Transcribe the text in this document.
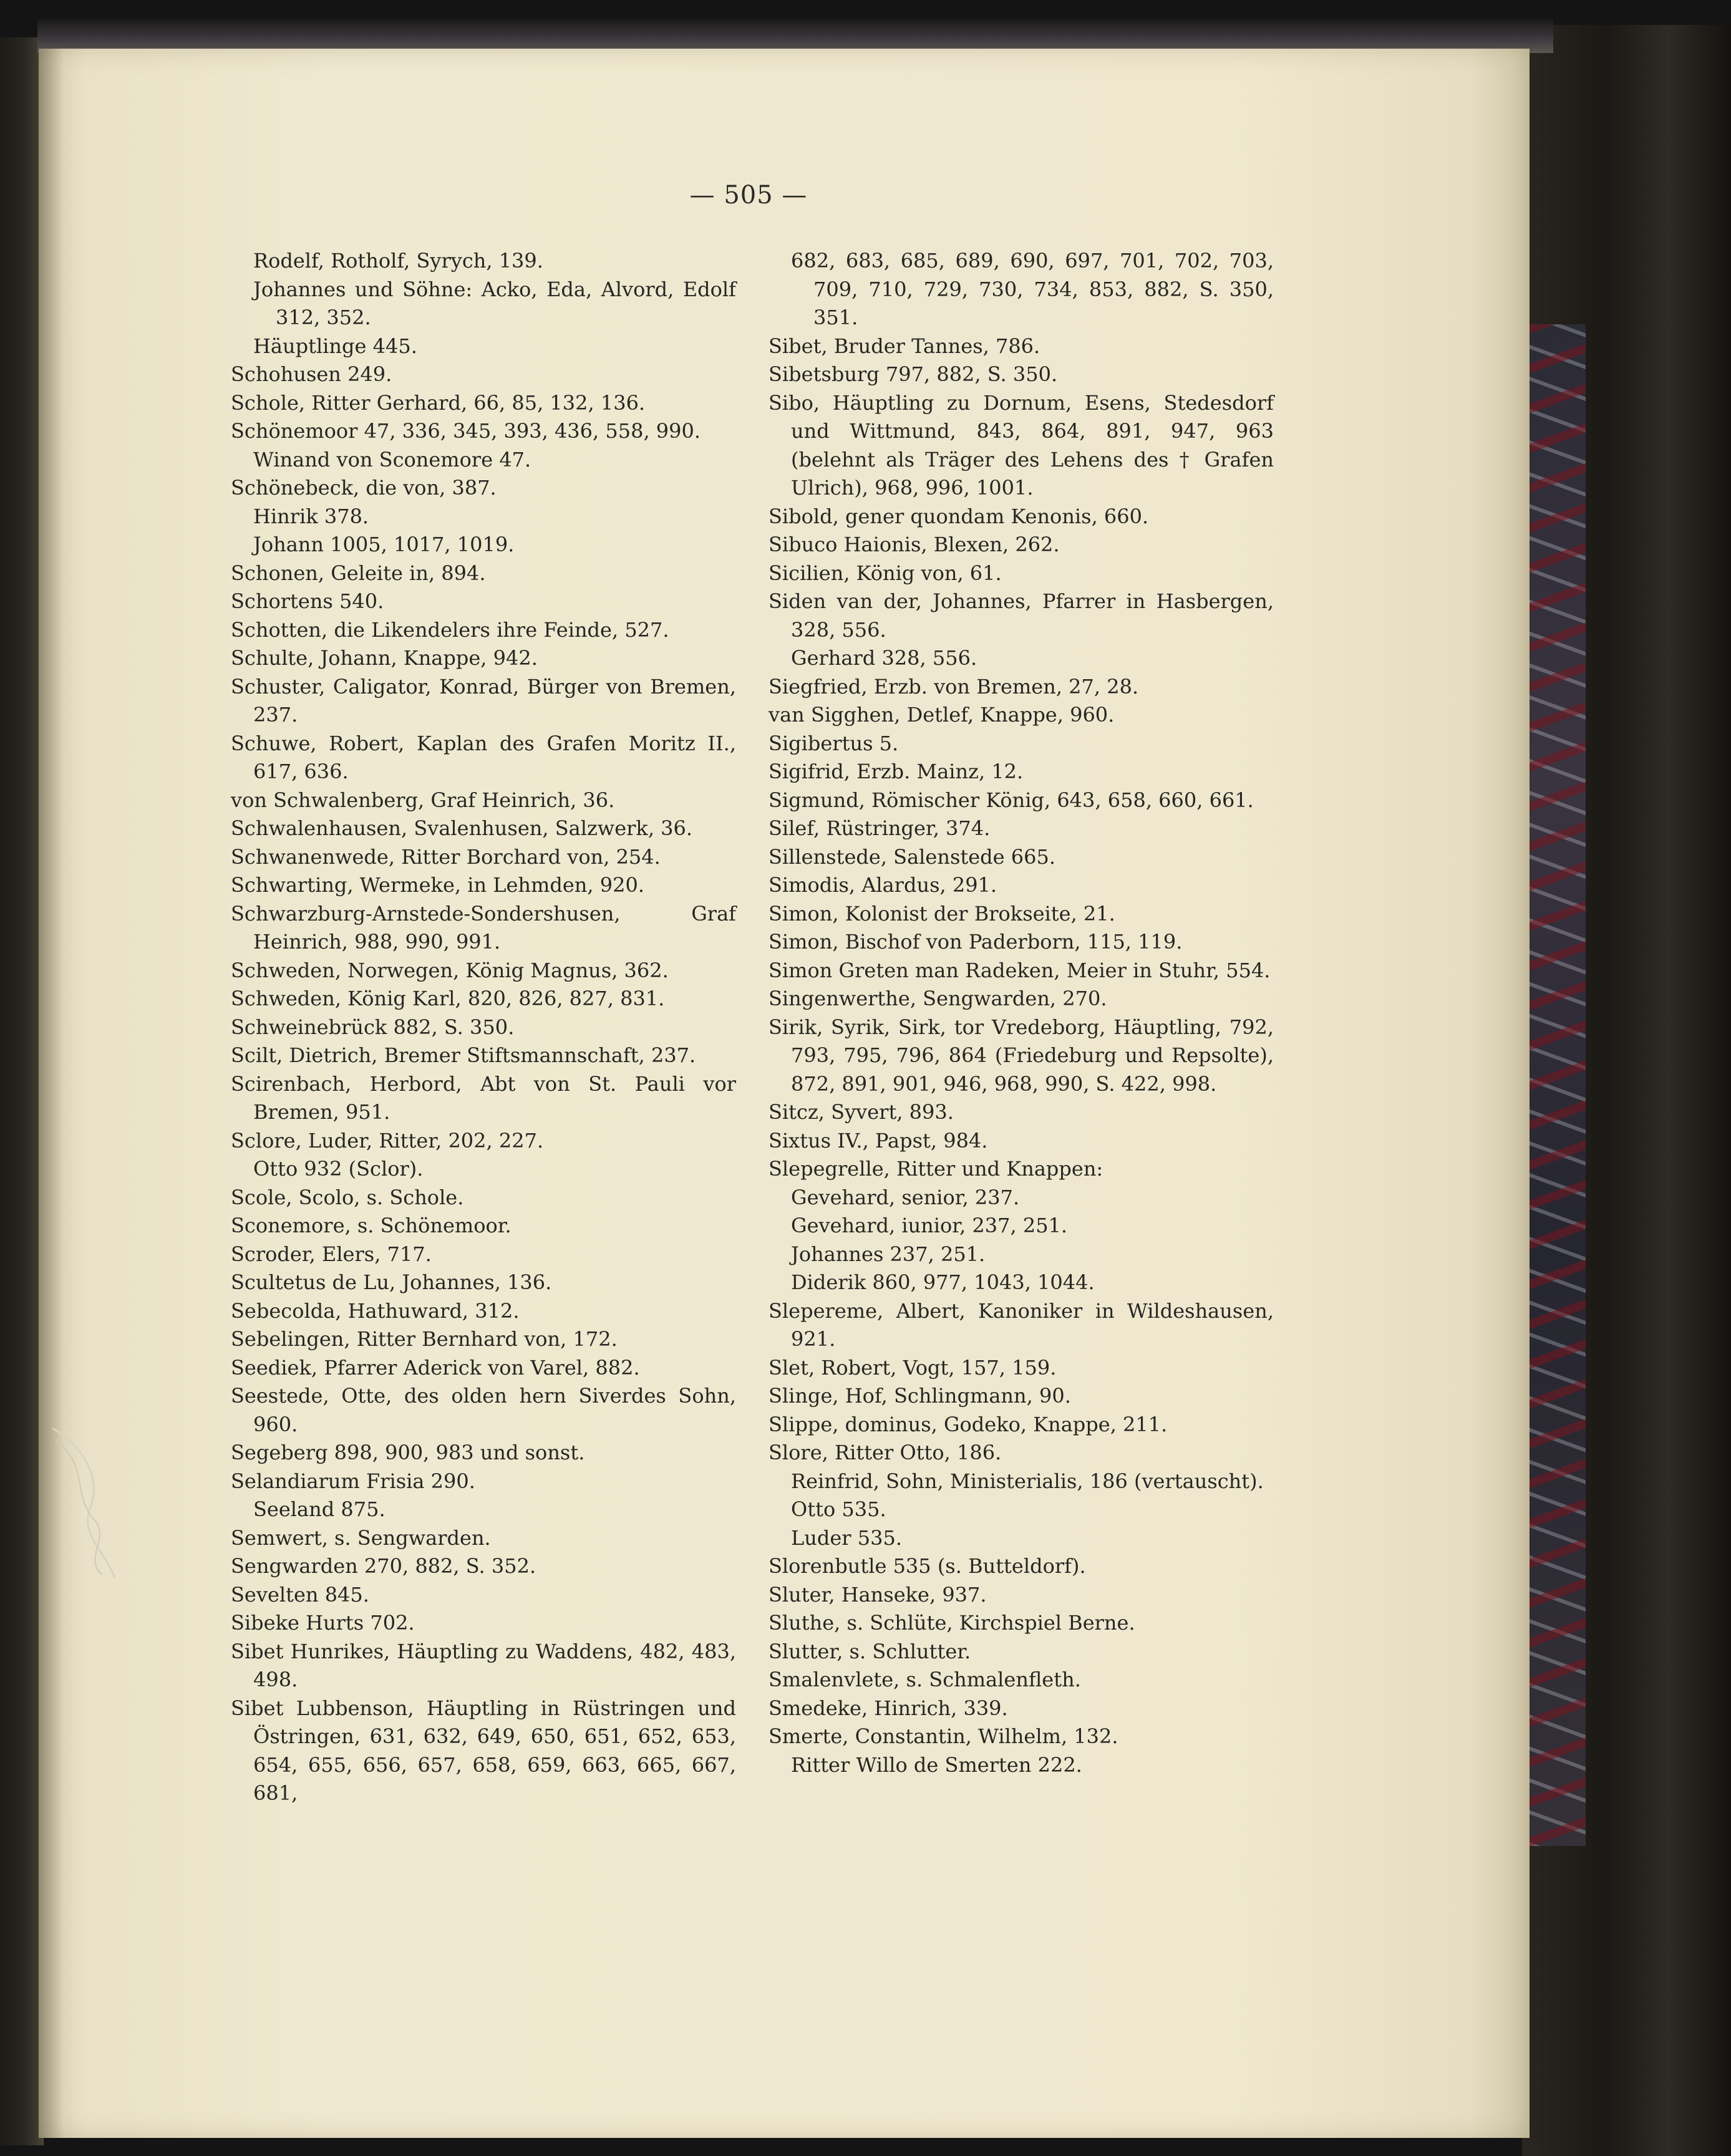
— 505 —
Rodelf, Rotholf, Syrych, 139.
Johannes und Söhne: Acko, Eda, Alvord, Edolf 312, 352.
Häuptlinge 445.
Schohusen 249.
Schole, Ritter Gerhard, 66, 85, 132, 136.
Schönemoor 47, 336, 345, 393, 436, 558, 990.
Winand von Sconemore 47.
Schönebeck, die von, 387.
Hinrik 378.
Johann 1005, 1017, 1019.
Schonen, Geleite in, 894.
Schortens 540.
Schotten, die Likendelers ihre Feinde, 527.
Schulte, Johann, Knappe, 942.
Schuster, Caligator, Konrad, Bürger von Bremen, 237.
Schuwe, Robert, Kaplan des Grafen Moritz II., 617, 636.
von Schwalenberg, Graf Heinrich, 36.
Schwalenhausen, Svalenhusen, Salzwerk, 36.
Schwanenwede, Ritter Borchard von, 254.
Schwarting, Wermeke, in Lehmden, 920.
Schwarzburg-Arnstede-Sondershusen, Graf Heinrich, 988, 990, 991.
Schweden, Norwegen, König Magnus, 362.
Schweden, König Karl, 820, 826, 827, 831.
Schweinebrück 882, S. 350.
Scilt, Dietrich, Bremer Stiftsmannschaft, 237.
Scirenbach, Herbord, Abt von St. Pauli vor Bremen, 951.
Sclore, Luder, Ritter, 202, 227.
Otto 932 (Sclor).
Scole, Scolo, s. Schole.
Sconemore, s. Schönemoor.
Scroder, Elers, 717.
Scultetus de Lu, Johannes, 136.
Sebecolda, Hathuward, 312.
Sebelingen, Ritter Bernhard von, 172.
Seediek, Pfarrer Aderick von Varel, 882.
Seestede, Otte, des olden hern Siverdes Sohn, 960.
Segeberg 898, 900, 983 und sonst.
Selandiarum Frisia 290.
Seeland 875.
Semwert, s. Sengwarden.
Sengwarden 270, 882, S. 352.
Sevelten 845.
Sibeke Hurts 702.
Sibet Hunrikes, Häuptling zu Waddens, 482, 483, 498.
Sibet Lubbenson, Häuptling in Rüstringen und Östringen, 631, 632, 649, 650, 651, 652, 653, 654, 655, 656, 657, 658, 659, 663, 665, 667, 681,
682, 683, 685, 689, 690, 697, 701, 702, 703, 709, 710, 729, 730, 734, 853, 882, S. 350, 351.
Sibet, Bruder Tannes, 786.
Sibetsburg 797, 882, S. 350.
Sibo, Häuptling zu Dornum, Esens, Stedesdorf und Wittmund, 843, 864, 891, 947, 963 (belehnt als Träger des Lehens des † Grafen Ulrich), 968, 996, 1001.
Sibold, gener quondam Kenonis, 660.
Sibuco Haionis, Blexen, 262.
Sicilien, König von, 61.
Siden van der, Johannes, Pfarrer in Hasbergen, 328, 556.
Gerhard 328, 556.
Siegfried, Erzb. von Bremen, 27, 28.
van Sigghen, Detlef, Knappe, 960.
Sigibertus 5.
Sigifrid, Erzb. Mainz, 12.
Sigmund, Römischer König, 643, 658, 660, 661.
Silef, Rüstringer, 374.
Sillenstede, Salenstede 665.
Simodis, Alardus, 291.
Simon, Kolonist der Brokseite, 21.
Simon, Bischof von Paderborn, 115, 119.
Simon Greten man Radeken, Meier in Stuhr, 554.
Singenwerthe, Sengwarden, 270.
Sirik, Syrik, Sirk, tor Vredeborg, Häuptling, 792, 793, 795, 796, 864 (Friedeburg und Repsolte), 872, 891, 901, 946, 968, 990, S. 422, 998.
Sitcz, Syvert, 893.
Sixtus IV., Papst, 984.
Slepegrelle, Ritter und Knappen:
Gevehard, senior, 237.
Gevehard, iunior, 237, 251.
Johannes 237, 251.
Diderik 860, 977, 1043, 1044.
Slepereme, Albert, Kanoniker in Wildeshausen, 921.
Slet, Robert, Vogt, 157, 159.
Slinge, Hof, Schlingmann, 90.
Slippe, dominus, Godeko, Knappe, 211.
Slore, Ritter Otto, 186.
Reinfrid, Sohn, Ministerialis, 186 (vertauscht).
Otto 535.
Luder 535.
Slorenbutle 535 (s. Butteldorf).
Sluter, Hanseke, 937.
Sluthe, s. Schlüte, Kirchspiel Berne.
Slutter, s. Schlutter.
Smalenvlete, s. Schmalenfleth.
Smedeke, Hinrich, 339.
Smerte, Constantin, Wilhelm, 132.
Ritter Willo de Smerten 222.
